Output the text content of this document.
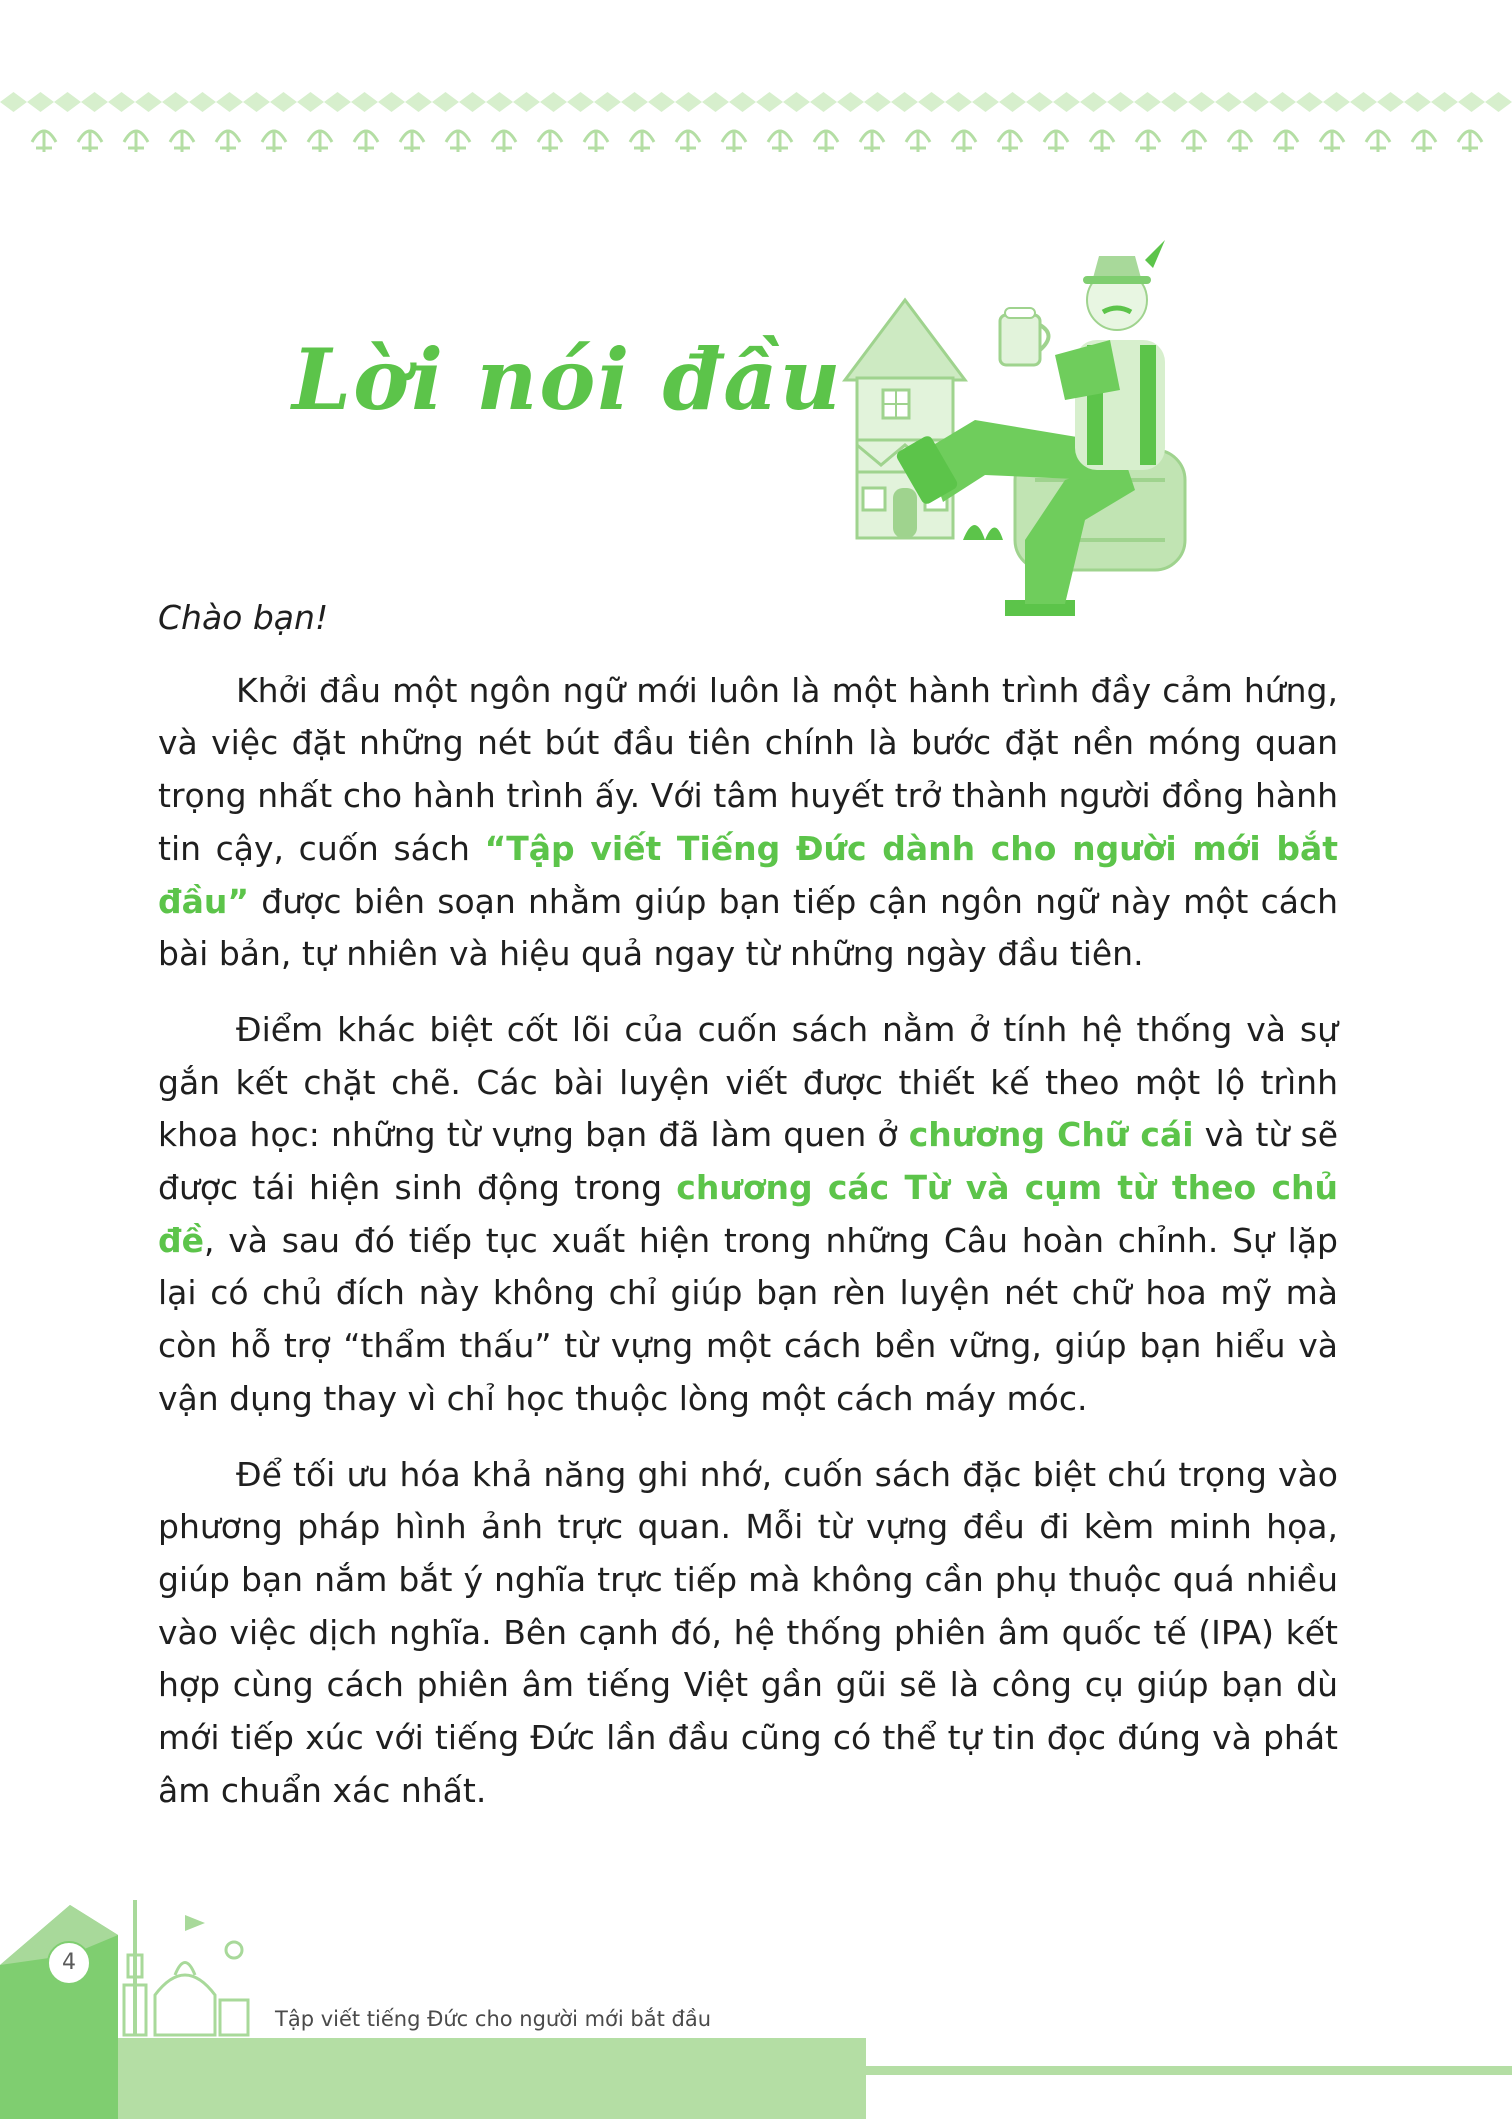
Lời nói đầu

Chào bạn!

Khởi đầu một ngôn ngữ mới luôn là một hành trình đầy cảm hứng, và việc đặt những nét bút đầu tiên chính là bước đặt nền móng quan trọng nhất cho hành trình ấy. Với tâm huyết trở thành người đồng hành tin cậy, cuốn sách “Tập viết Tiếng Đức dành cho người mới bắt đầu” được biên soạn nhằm giúp bạn tiếp cận ngôn ngữ này một cách bài bản, tự nhiên và hiệu quả ngay từ những ngày đầu tiên.

Điểm khác biệt cốt lõi của cuốn sách nằm ở tính hệ thống và sự gắn kết chặt chẽ. Các bài luyện viết được thiết kế theo một lộ trình khoa học: những từ vựng bạn đã làm quen ở chương Chữ cái và từ sẽ được tái hiện sinh động trong chương các Từ và cụm từ theo chủ đề, và sau đó tiếp tục xuất hiện trong những Câu hoàn chỉnh. Sự lặp lại có chủ đích này không chỉ giúp bạn rèn luyện nét chữ hoa mỹ mà còn hỗ trợ “thẩm thấu” từ vựng một cách bền vững, giúp bạn hiểu và vận dụng thay vì chỉ học thuộc lòng một cách máy móc.

Để tối ưu hóa khả năng ghi nhớ, cuốn sách đặc biệt chú trọng vào phương pháp hình ảnh trực quan. Mỗi từ vựng đều đi kèm minh họa, giúp bạn nắm bắt ý nghĩa trực tiếp mà không cần phụ thuộc quá nhiều vào việc dịch nghĩa. Bên cạnh đó, hệ thống phiên âm quốc tế (IPA) kết hợp cùng cách phiên âm tiếng Việt gần gũi sẽ là công cụ giúp bạn dù mới tiếp xúc với tiếng Đức lần đầu cũng có thể tự tin đọc đúng và phát âm chuẩn xác nhất.

4
Tập viết tiếng Đức cho người mới bắt đầu
